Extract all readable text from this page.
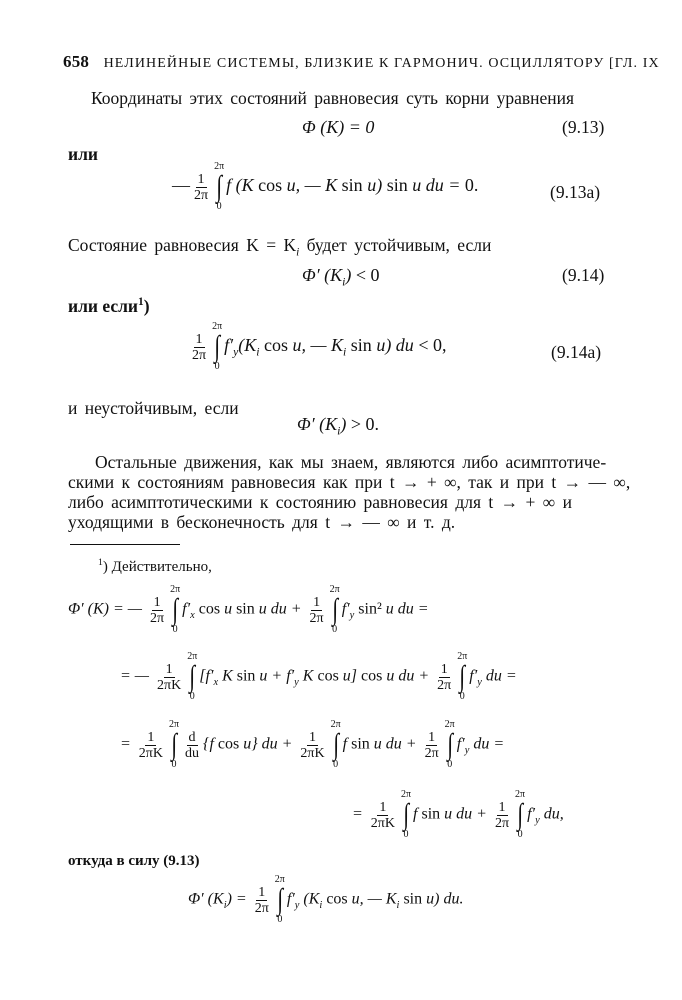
658 НЕЛИНЕЙНЫЕ СИСТЕМЫ, БЛИЗКИЕ К ГАРМОНИЧ. ОСЦИЛЛЯТОРУ [ГЛ. IX
Координаты этих состояний равновесия суть корни уравнения
Φ (K) = 0	(9.13)
или
— $\frac{1}{2\pi}$
2π
∫
0
f (K cos u, — K sin u) sin u du = 0.	(9.13a)
Состояние равновесия $K = K_i$ будет устойчивым, если
Φ′ $(K_i) < 0$	(9.14)
или если$^1$)
$\frac{1}{2\pi}$
2π
∫
0
$f'_y(K_i$ cos u, — $K_i$ sin u) du < 0,	(9.14a)
и неустойчивым, если
Φ′ $(K_i) > 0$.
Остальные движения, как мы знаем, являются либо асимптотиче-
скими к состояниям равновесия как при t → + ∞, так и при t → — ∞,
либо асимптотическими к состоянию равновесия для t → + ∞ и
уходящими в бесконечность для t → — ∞ и т. д.
$^1$) Действительно,
Φ′ (K) = — $\frac{1}{2\pi}$
2π
∫
0
$f'_x$ cos u sin u du + $\frac{1}{2\pi}$
2π
∫
0
$f'_y$ sin² u du =
= — $\frac{1}{2\pi K}$
2π
∫
0
[$f'_x$ K $\sin u + f'_y$ K cos u] cos u du + $\frac{1}{2\pi}$
2π
∫
0
$f'_y$ du =
= $\frac{1}{2\pi K}$
2π
∫
0
$\frac{d}{du} \{f$ cos u} du + $\frac{1}{2\pi K}$
2π
∫
0
f sin u du + $\frac{1}{2\pi}$
2π
∫
0
$f'_y$ du =
= $\frac{1}{2\pi K}$
2π
∫
0
f sin u du + $\frac{1}{2\pi}$
2π
∫
0
$f'_y$ du,
откуда в силу (9.13)
Φ′ $(K_i) = \frac{1}{2\pi}$
2π
∫
0
$f'_y$ ($K_i$ cos u, — $K_i$ sin u) du.
